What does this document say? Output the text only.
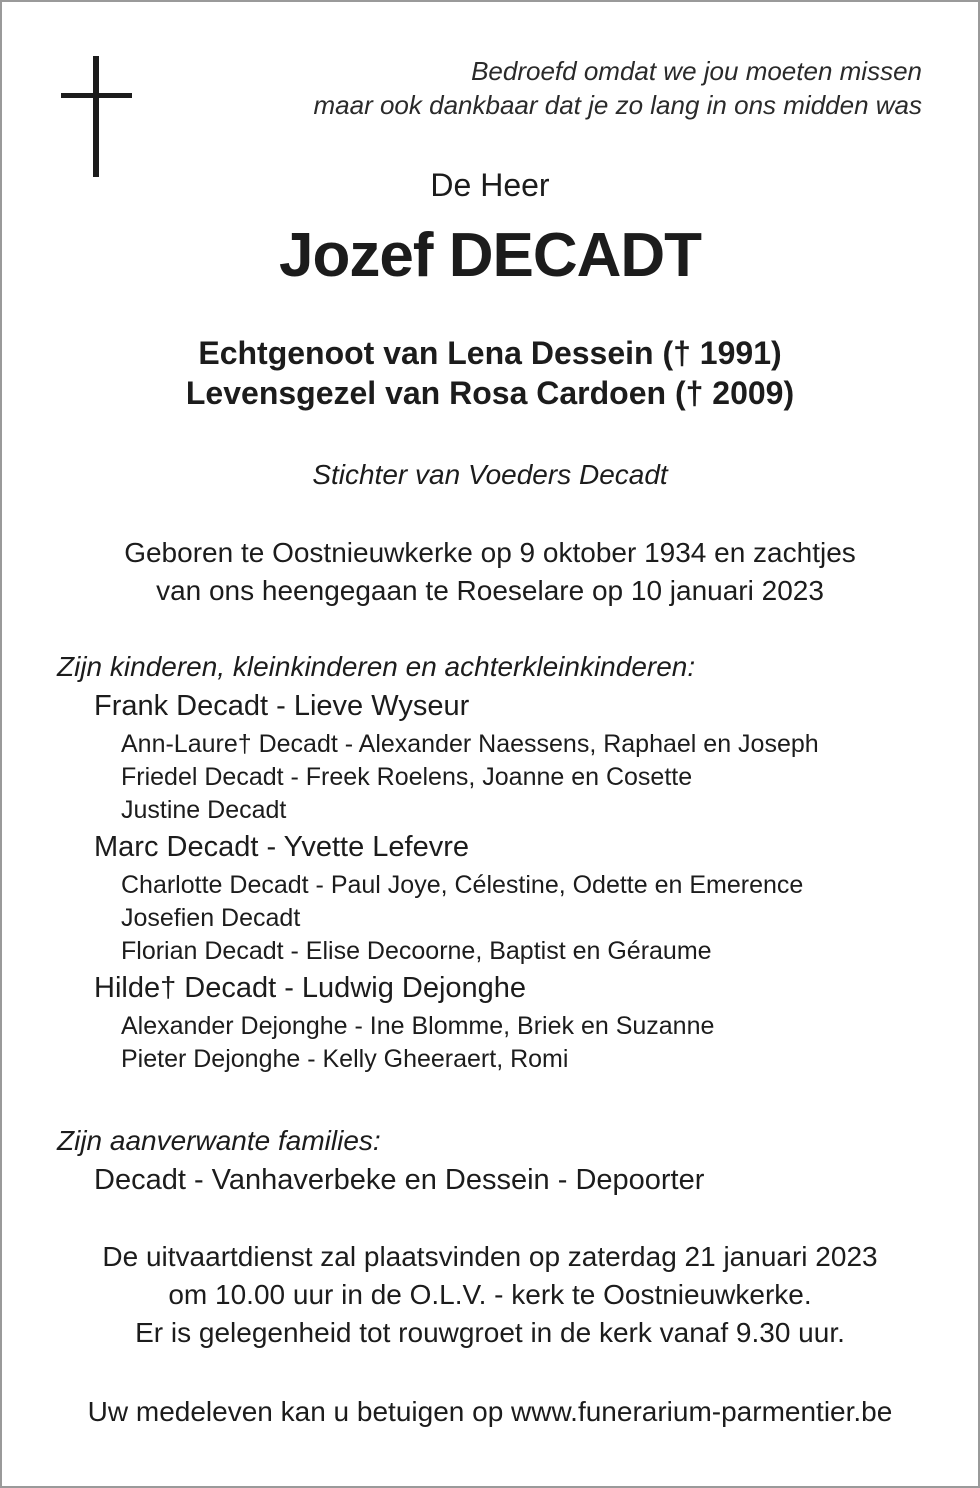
Bedroefd omdat we jou moeten missen
maar ook dankbaar dat je zo lang in ons midden was
De Heer
Jozef DECADT
Echtgenoot van Lena Dessein († 1991)
Levensgezel van Rosa Cardoen († 2009)
Stichter van Voeders Decadt
Geboren te Oostnieuwkerke op 9 oktober 1934 en zachtjes
van ons heengegaan te Roeselare op 10 januari 2023
Zijn kinderen, kleinkinderen en achterkleinkinderen:
Frank Decadt - Lieve Wyseur
Ann-Laure† Decadt - Alexander Naessens, Raphael en Joseph
Friedel Decadt - Freek Roelens, Joanne en Cosette
Justine Decadt
Marc Decadt - Yvette Lefevre
Charlotte Decadt - Paul Joye, Célestine, Odette en Emerence
Josefien Decadt
Florian Decadt - Elise Decoorne, Baptist en Géraume
Hilde† Decadt - Ludwig Dejonghe
Alexander Dejonghe - Ine Blomme, Briek en Suzanne
Pieter Dejonghe - Kelly Gheeraert, Romi
Zijn aanverwante families:
Decadt - Vanhaverbeke en Dessein - Depoorter
De uitvaartdienst zal plaatsvinden op zaterdag 21 januari 2023
om 10.00 uur in de O.L.V. - kerk te Oostnieuwkerke.
Er is gelegenheid tot rouwgroet in de kerk vanaf 9.30 uur.
Uw medeleven kan u betuigen op www.funerarium-parmentier.be
